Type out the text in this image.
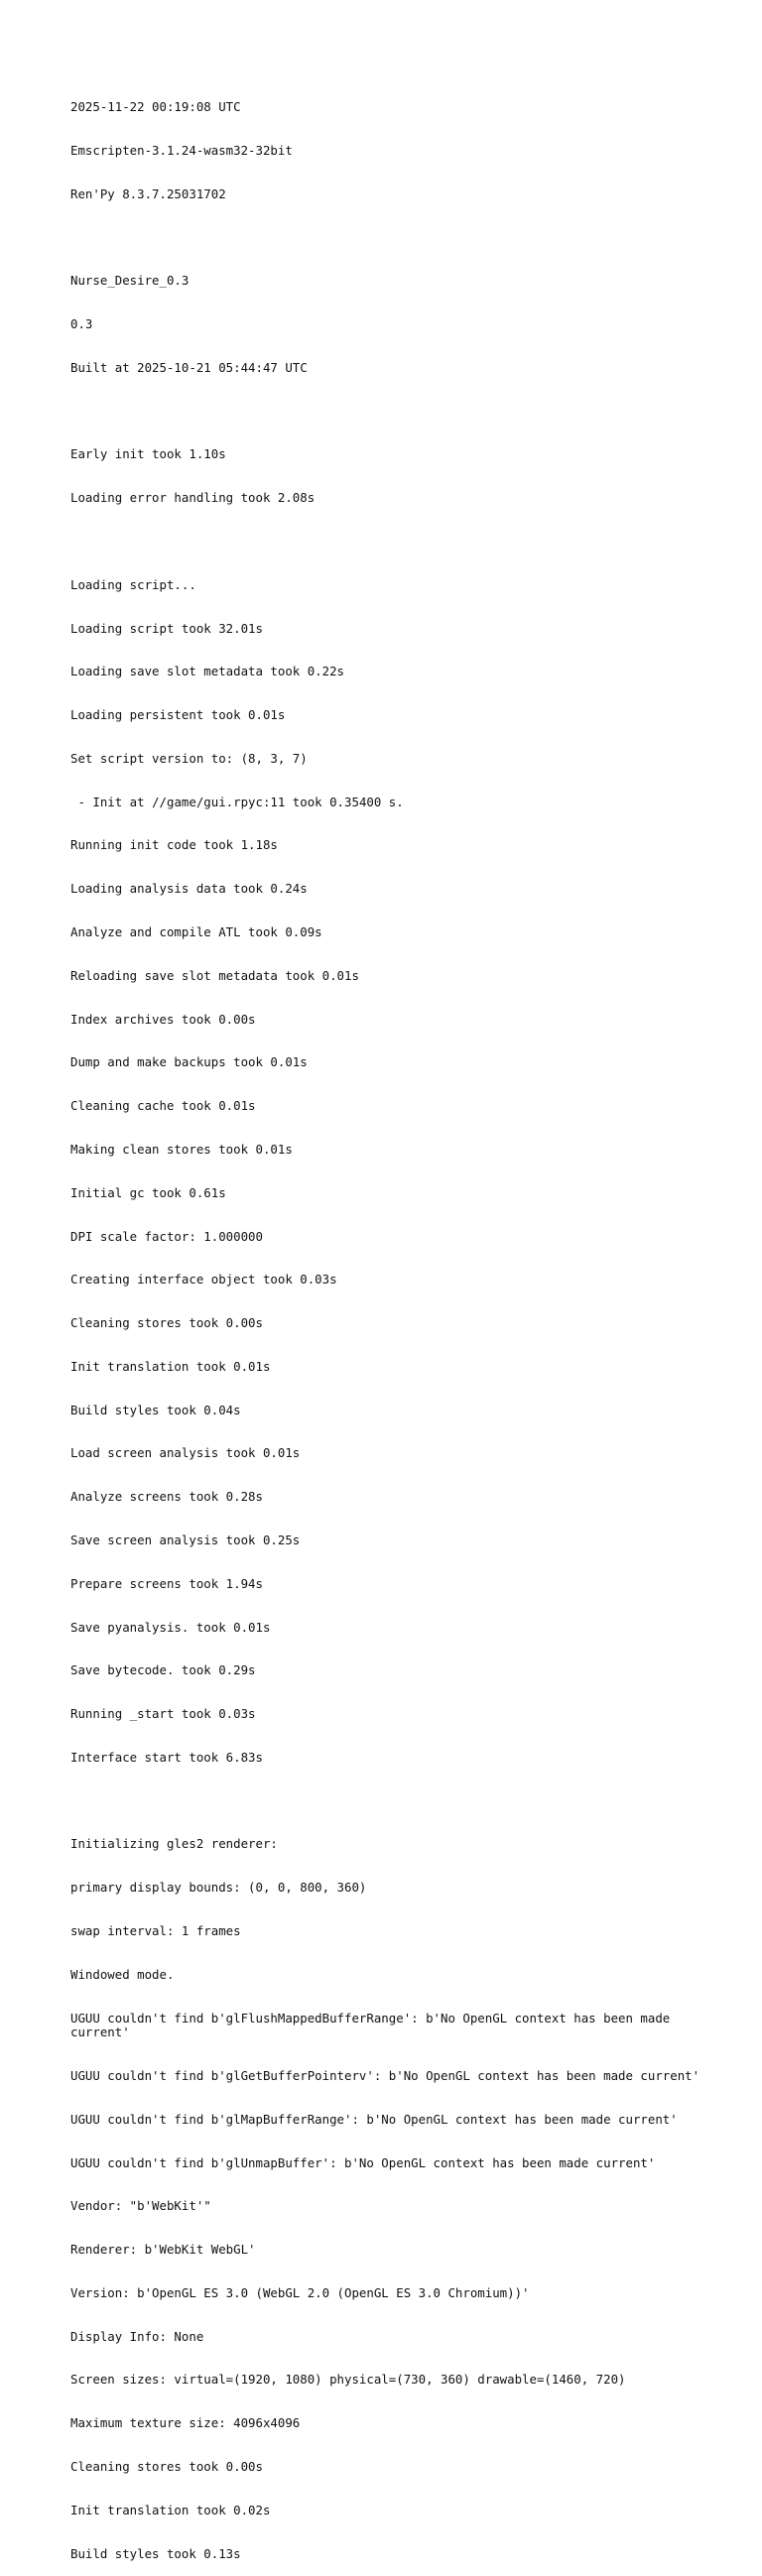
2025-11-22 00:19:08 UTC

Emscripten-3.1.24-wasm32-32bit

Ren'Py 8.3.7.25031702

Nurse_Desire_0.3

0.3

Built at 2025-10-21 05:44:47 UTC

Early init took 1.10s

Loading error handling took 2.08s

Loading script...

Loading script took 32.01s

Loading save slot metadata took 0.22s

Loading persistent took 0.01s

Set script version to: (8, 3, 7)

- Init at //game/gui.rpyc:11 took 0.35400 s.

Running init code took 1.18s

Loading analysis data took 0.24s

Analyze and compile ATL took 0.09s

Reloading save slot metadata took 0.01s

Index archives took 0.00s

Dump and make backups took 0.01s

Cleaning cache took 0.01s

Making clean stores took 0.01s

Initial gc took 0.61s

DPI scale factor: 1.000000

Creating interface object took 0.03s

Cleaning stores took 0.00s

Init translation took 0.01s

Build styles took 0.04s

Load screen analysis took 0.01s

Analyze screens took 0.28s

Save screen analysis took 0.25s

Prepare screens took 1.94s

Save pyanalysis. took 0.01s

Save bytecode. took 0.29s

Running _start took 0.03s

Interface start took 6.83s

Initializing gles2 renderer:

primary display bounds: (0, 0, 800, 360)

swap interval: 1 frames

Windowed mode.

UGUU couldn't find b'glFlushMappedBufferRange': b'No OpenGL context has been made current'

UGUU couldn't find b'glGetBufferPointerv': b'No OpenGL context has been made current'

UGUU couldn't find b'glMapBufferRange': b'No OpenGL context has been made current'

UGUU couldn't find b'glUnmapBuffer': b'No OpenGL context has been made current'

Vendor: "b'WebKit'"

Renderer: b'WebKit WebGL'

Version: b'OpenGL ES 3.0 (WebGL 2.0 (OpenGL ES 3.0 Chromium))'

Display Info: None

Screen sizes: virtual=(1920, 1080) physical=(730, 360) drawable=(1460, 720)

Maximum texture size: 4096x4096

Cleaning stores took 0.00s

Init translation took 0.02s

Build styles took 0.13s
